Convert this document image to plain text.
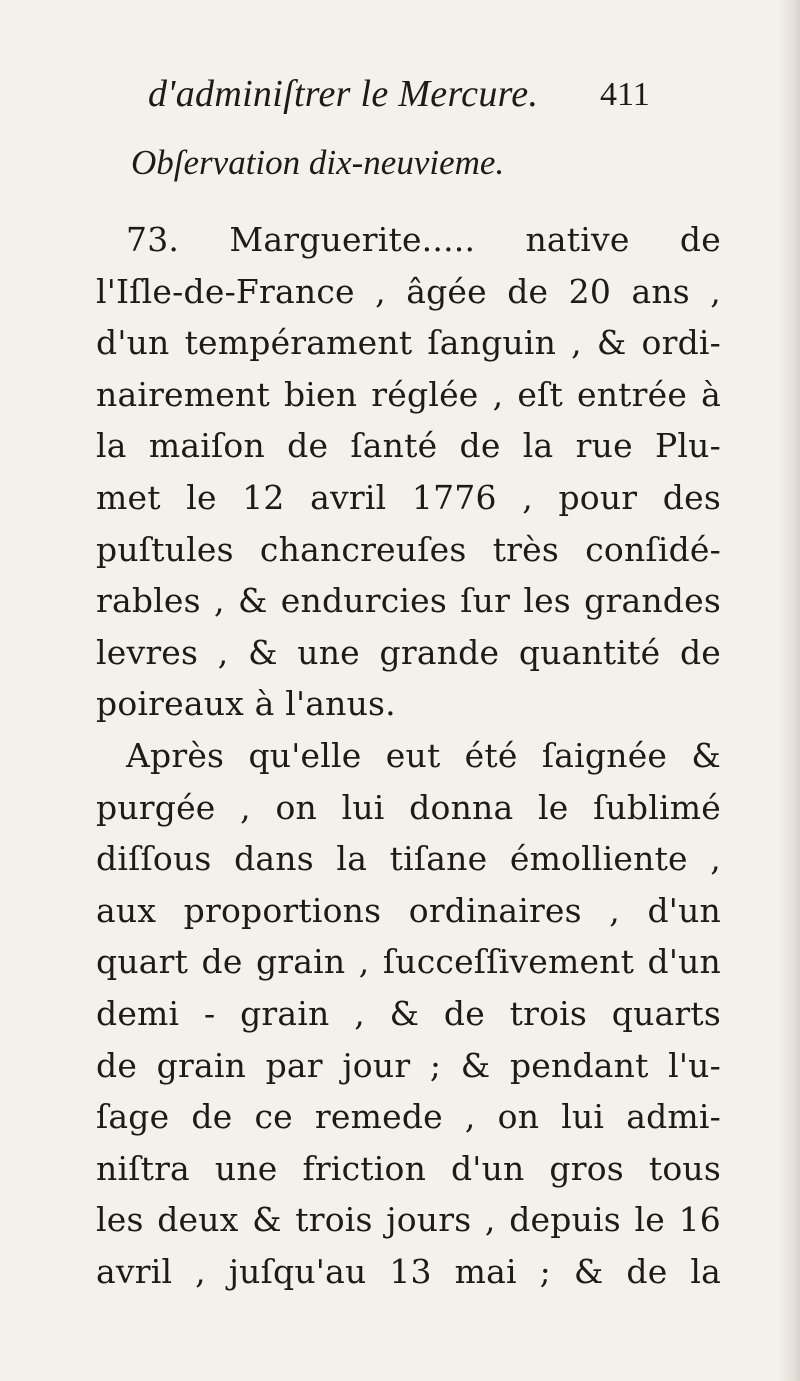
d'adminiſtrer le Mercure.	411
Obſervation dix-neuvieme.
73. Marguerite..... native de
l'Iſle-de-France , âgée de 20 ans ,
d'un tempérament ſanguin , & ordi-
nairement bien réglée , eſt entrée à
la maiſon de ſanté de la rue Plu-
met le 12 avril 1776 , pour des
puſtules chancreuſes très conſidé-
rables , & endurcies ſur les grandes
levres , & une grande quantité de
poireaux à l'anus.
Après qu'elle eut été ſaignée &
purgée , on lui donna le ſublimé
diſſous dans la tiſane émolliente ,
aux proportions ordinaires , d'un
quart de grain , ſucceſſivement d'un
demi - grain , & de trois quarts
de grain par jour ; & pendant l'u-
ſage de ce remede , on lui admi-
niſtra une friction d'un gros tous
les deux & trois jours , depuis le 16
avril , juſqu'au 13 mai ; & de la
